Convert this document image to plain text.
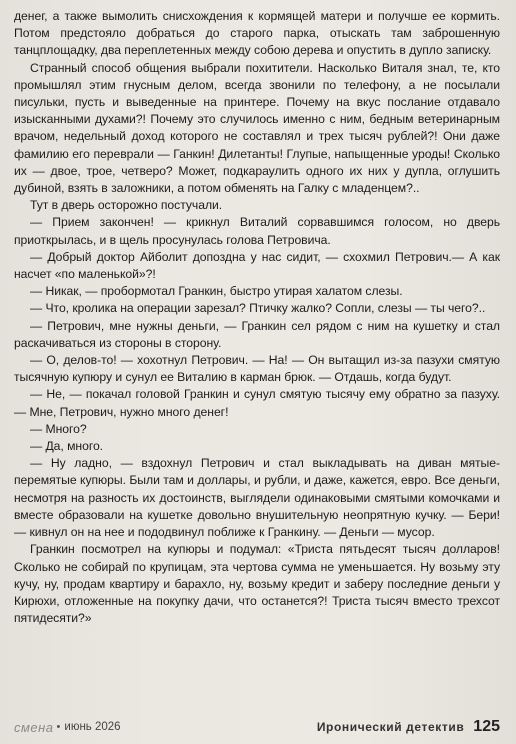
денег, а также вымолить снисхождения к кормящей матери и получше ее кормить. Потом предстояло добраться до старого парка, отыскать там заброшенную танцплощадку, два переплетенных между собою дерева и опустить в дупло записку.

Странный способ общения выбрали похитители. Насколько Виталя знал, те, кто промышлял этим гнусным делом, всегда звонили по телефону, а не посылали писульки, пусть и выведенные на принтере. Почему на вкус послание отдавало изысканными духами?! Почему это случилось именно с ним, бедным ветеринарным врачом, недельный доход которого не составлял и трех тысяч рублей?! Они даже фамилию его переврали — Ганкин! Дилетанты! Глупые, напыщенные уроды! Сколько их — двое, трое, четверо? Может, подкараулить одного их них у дупла, оглушить дубиной, взять в заложники, а потом обменять на Галку с младенцем?..

Тут в дверь осторожно постучали.

— Прием закончен! — крикнул Виталий сорвавшимся голосом, но дверь приоткрылась, и в щель просунулась голова Петровича.

— Добрый доктор Айболит допоздна у нас сидит, — схохмил Петрович.— А как насчет «по маленькой»?!

— Никак, — пробормотал Гранкин, быстро утирая халатом слезы.

— Что, кролика на операции зарезал? Птичку жалко? Сопли, слезы — ты чего?..

— Петрович, мне нужны деньги, — Гранкин сел рядом с ним на кушетку и стал раскачиваться из стороны в сторону.

— О, делов-то! — хохотнул Петрович. — На! — Он вытащил из-за пазухи смятую тысячную купюру и сунул ее Виталию в карман брюк. — Отдашь, когда будут.

— Не, — покачал головой Гранкин и сунул смятую тысячу ему обратно за пазуху. — Мне, Петрович, нужно много денег!

— Много?

— Да, много.

— Ну ладно, — вздохнул Петрович и стал выкладывать на диван мятые-перемятые купюры. Были там и доллары, и рубли, и даже, кажется, евро. Все деньги, несмотря на разность их достоинств, выглядели одинаковыми смятыми комочками и вместе образовали на кушетке довольно внушительную неопрятную кучку. — Бери! — кивнул он на нее и пододвинул поближе к Гранкину. — Деньги — мусор.

Гранкин посмотрел на купюры и подумал: «Триста пятьдесят тысяч долларов! Сколько не собирай по крупицам, эта чертова сумма не уменьшается. Ну возьму эту кучу, ну, продам квартиру и барахло, ну, возьму кредит и заберу последние деньги у Кирюхи, отложенные на покупку дачи, что останется?! Триста тысяч вместо трехсот пятидесяти?»

смена • июнь 2026	Иронический детектив 125
